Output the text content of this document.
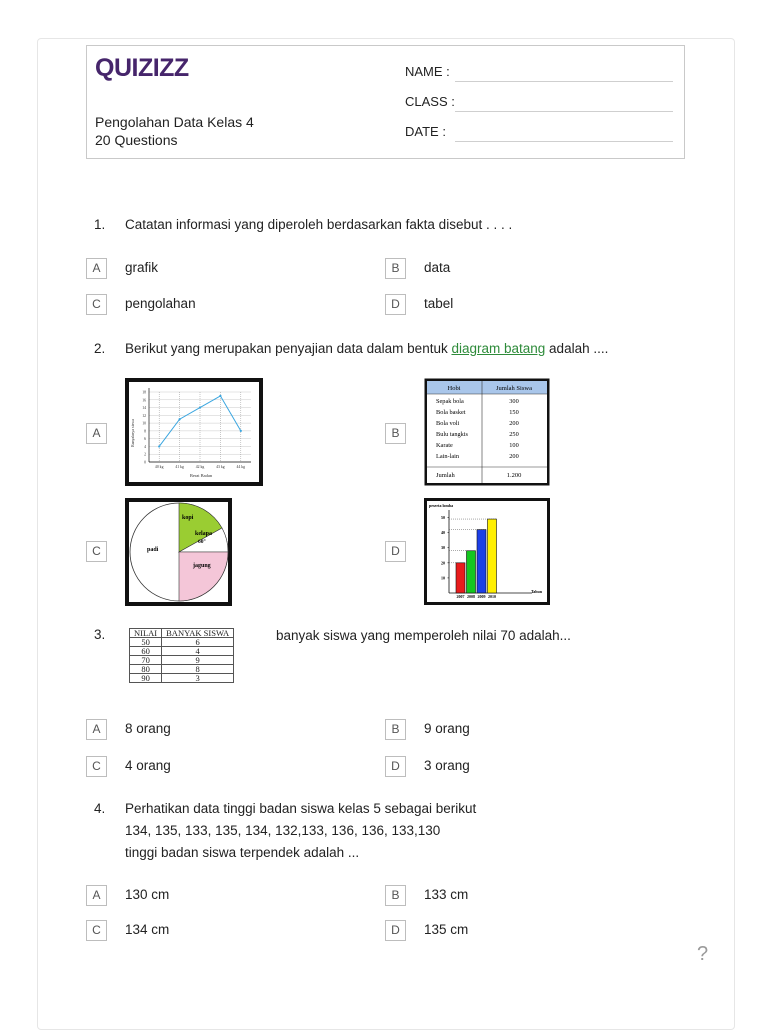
QUIZIZZ
Pengolahan Data Kelas 4
20 Questions
NAME :
CLASS :
DATE :
1. Catatan informasi yang diperoleh berdasarkan fakta disebut . . . .
A	grafik	B	data
C	pengolahan	D	tabel
2. Berikut yang merupakan penyajian data dalam bentuk diagram batang adalah ....
A	Banyaknya siswa
Berat Badan
18
16
14
12
10
8
6
4
2
0
40 kg	41 kg	42 kg	43 kg	44 kg
B
Hobi	Jumlah Siswa
Sepak bola	300
Bola basket	150
Bola voli	200
Bulu tangkis	250
Karate	100
Lain-lain	200
Jumlah	1.200
C
kopi
kelapa
60°
padi
jagung
D
peserta lomba
50
40
30
20
10
2007 2008 2009 2010
Tahun
3.	NILAI	BANYAK SISWA
50	6
60	4
70	9
80	8
90	3
banyak siswa yang memperoleh nilai 70 adalah...
A	8 orang	B	9 orang
C	4 orang	D	3 orang
4. Perhatikan data tinggi badan siswa kelas 5 sebagai berikut
134, 135, 133, 135, 134, 132,133, 136, 136, 133,130
tinggi badan siswa terpendek adalah ...
A	130 cm	B	133 cm
C	134 cm	D	135 cm
?
